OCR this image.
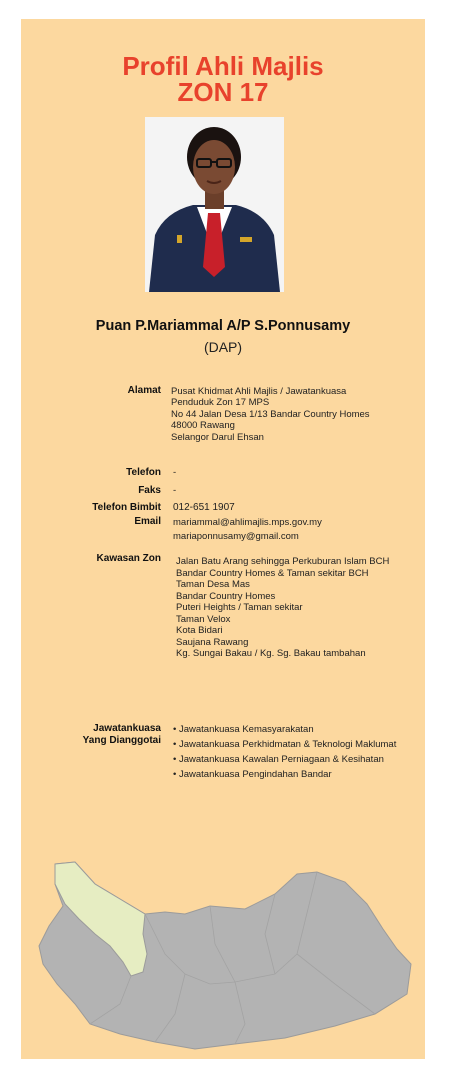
Profil Ahli Majlis
ZON 17
Puan P.Mariammal A/P S.Ponnusamy
(DAP)
Alamat Pusat Khidmat Ahli Majlis / Jawatankuasa
Penduduk Zon 17 MPS
No 44 Jalan Desa 1/13 Bandar Country Homes
48000 Rawang
Selangor Darul Ehsan
Telefon -
Faks -
Telefon Bimbit 012-651 1907
Email mariammal@ahlimajlis.mps.gov.my
mariaponnusamy@gmail.com
Kawasan Zon Jalan Batu Arang sehingga Perkuburan Islam BCH
Bandar Country Homes & Taman sekitar BCH
Taman Desa Mas
Bandar Country Homes
Puteri Heights / Taman sekitar
Taman Velox
Kota Bidari
Saujana Rawang
Kg. Sungai Bakau / Kg. Sg. Bakau tambahan
Jawatankuasa
Yang Dianggotai
• Jawatankuasa Kemasyarakatan
• Jawatankuasa Perkhidmatan & Teknologi Maklumat
• Jawatankuasa Kawalan Perniagaan & Kesihatan
• Jawatankuasa Pengindahan Bandar
